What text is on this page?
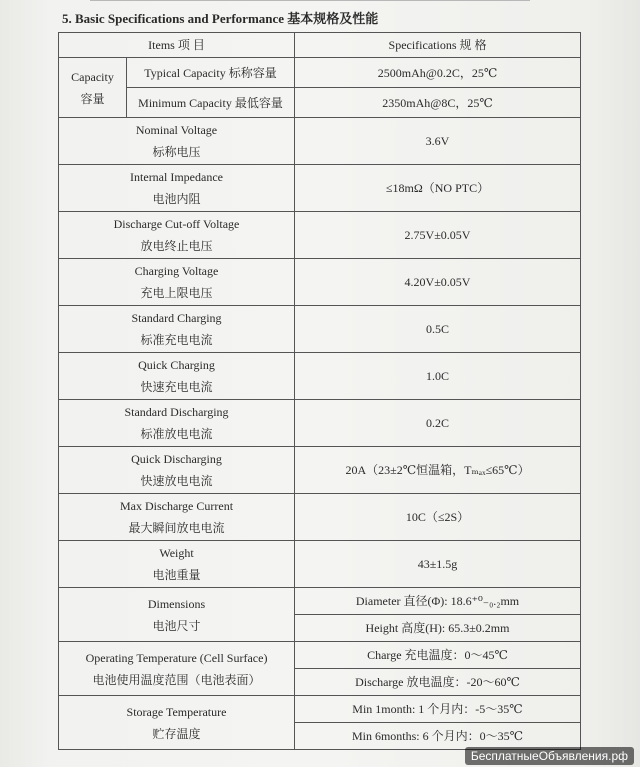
5. Basic Specifications and Performance 基本规格及性能
Items 项 目		Specifications 规 格

Capacity
容量	Typical Capacity 标称容量	2500mAh@0.2C，25℃
	Minimum Capacity 最低容量	2350mAh@8C，25℃

Nominal Voltage
标称电压		3.6V

Internal Impedance
电池内阻		≤18mΩ（NO PTC）

Discharge Cut-off Voltage
放电终止电压		2.75V±0.05V

Charging Voltage
充电上限电压		4.20V±0.05V

Standard Charging
标准充电电流		0.5C

Quick Charging
快速充电电流		1.0C

Standard Discharging
标准放电电流		0.2C

Quick Discharging
快速放电电流		20A（23±2℃恒温箱，Tₘₐₓ≤65℃）

Max Discharge Current
最大瞬间放电电流		10C（≤2S）

Weight
电池重量		43±1.5g

Dimensions
电池尺寸		Diameter 直径(Φ): 18.6⁺⁰₋₀.₂mm
		Height 高度(H): 65.3±0.2mm

Operating Temperature (Cell Surface)
电池使用温度范围（电池表面）		Charge 充电温度：0～45℃
		Discharge 放电温度：-20～60℃

Storage Temperature
贮存温度		Min 1month: 1 个月内：-5～35℃
		Min 6months: 6 个月内：0～35℃
БесплатныеОбъявления.рф
